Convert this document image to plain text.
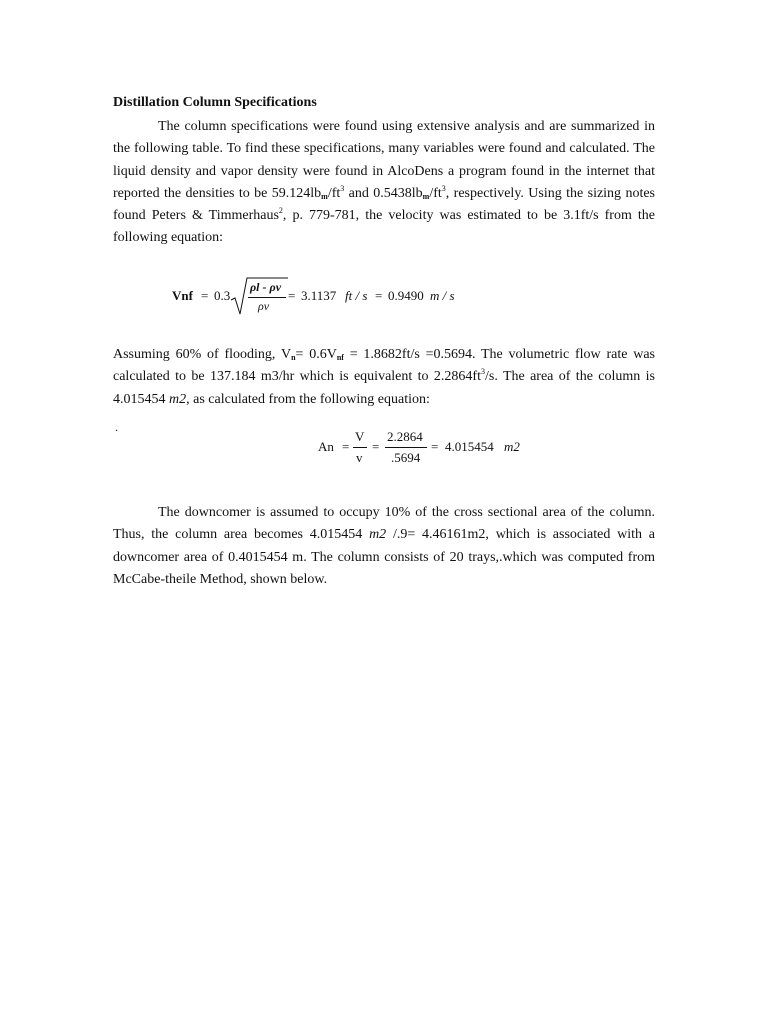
Distillation Column Specifications

The column specifications were found using extensive analysis and are summarized in the following table. To find these specifications, many variables were found and calculated. The liquid density and vapor density were found in AlcoDens a program found in the internet that reported the densities to be $59.124lb_m/ft^3$ and $0.5438lb_m/ft^3$, respectively. Using the sizing notes found Peters & Timmerhaus$^2$, p. 779-781, the velocity was estimated to be 3.1ft/s from the following equation:

Vnf = 0.3
ρl - ρv
ρv
= 3.1137 ft / s = 0.9490 m / s

Assuming 60% of flooding, $V_n= 0.6V_{nf} = 1.8682ft/s =0.5694$. The volumetric flow rate was calculated to be 137.184 m3/hr which is equivalent to $2.2864ft^3/s$. The area of the column is 4.015454 m2, as calculated from the following equation:

.
An =
V
v
=
2.2864
.5694
= 4.015454 m2

The downcomer is assumed to occupy 10% of the cross sectional area of the column. Thus, the column area becomes 4.015454 m2 /.9= 4.46161m2, which is associated with a downcomer area of 0.4015454 m. The column consists of 20 trays,.which was computed from McCabe-theile Method, shown below.
